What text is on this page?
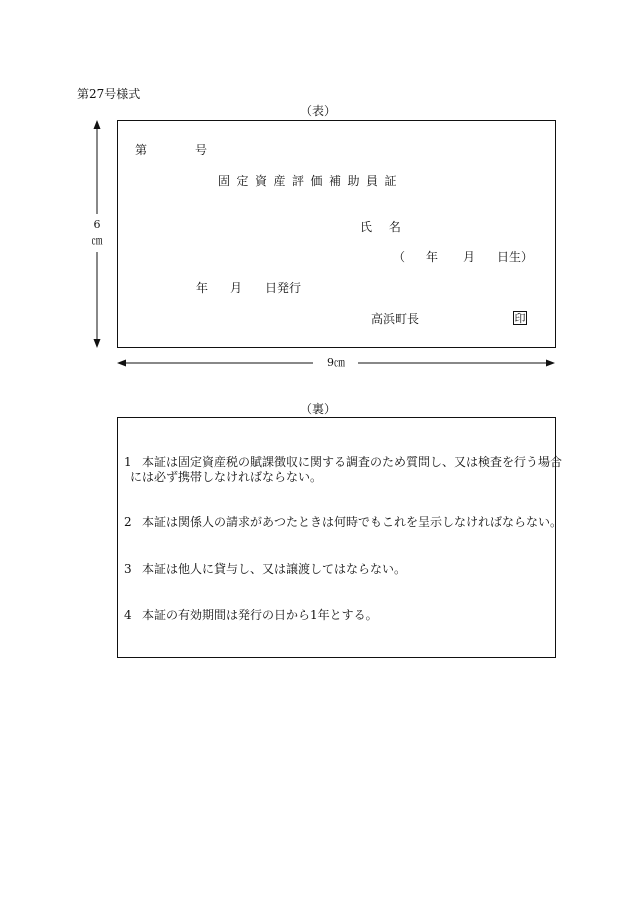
第27号様式
（表）
6
㎝
9㎝
第	号
固定資産評価補助員証
氏 名
（ 年 月 日生）
年 月 日発行
高浜町長	印
（裏）
1 本証は固定資産税の賦課徴収に関する調査のため質問し、又は検査を行う場合
には必ず携帯しなければならない。
2 本証は関係人の請求があつたときは何時でもこれを呈示しなければならない。
3 本証は他人に貸与し、又は譲渡してはならない。
4 本証の有効期間は発行の日から1年とする。
